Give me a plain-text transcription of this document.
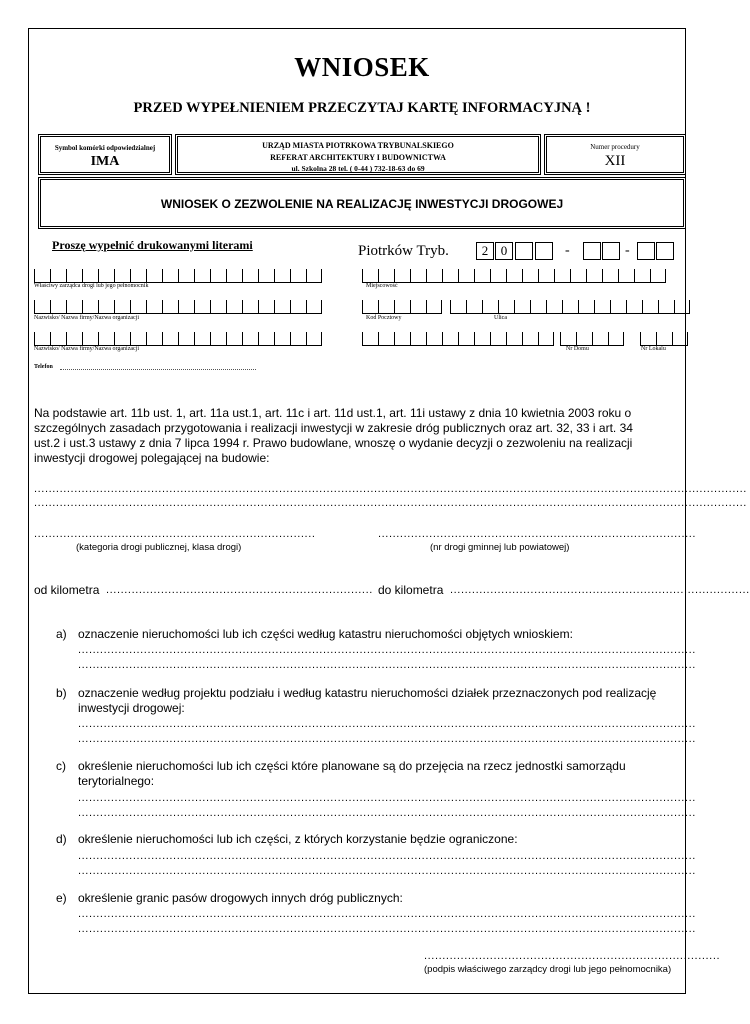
WNIOSEK
PRZED WYPEŁNIENIEM PRZECZYTAJ KARTĘ INFORMACYJNĄ !
Symbol komórki odpowiedzialnej
IMA
URZĄD MIASTA PIOTRKOWA TRYBUNALSKIEGO
REFERAT ARCHITEKTURY I BUDOWNICTWA
ul. Szkolna 28 tel. ( 0-44 ) 732-18-63 do 69
Numer procedury
XII
WNIOSEK O ZEZWOLENIE NA REALIZACJĘ INWESTYCJI DROGOWEJ
Proszę wypełnić drukowanymi literami	Piotrków Tryb.	2 0	-	-
Właściwy zarządca drogi lub jego pełnomocnik	Miejscowość
Nazwisko/ Nazwa firmy/Nazwa organizacji	Kod Pocztowy	Ulica
Nazwisko/ Nazwa firmy/Nazwa organizacji	Nr Domu	Nr Lokalu
Telefon
Na podstawie art. 11b ust. 1, art. 11a ust.1, art. 11c i art. 11d ust.1, art. 11i ustawy z dnia 10 kwietnia 2003 roku o szczególnych zasadach przygotowania i realizacji inwestycji w zakresie dróg publicznych oraz art. 32, 33 i art. 34 ust.2 i ust.3 ustawy z dnia 7 lipca 1994 r. Prawo budowlane, wnoszę o wydanie decyzji o zezwoleniu na realizacji inwestycji drogowej polegającej na budowie:
...................................................................................................................................................................................................
...................................................................................................................................................................................................
.............................................................................	.......................................................................................
(kategoria drogi publicznej, klasa drogi)	(nr drogi gminnej lub powiatowej)
od kilometra ......................................................................... do kilometra ..................................................................................
a) oznaczenie nieruchomości lub ich części według katastru nieruchomości objętych wnioskiem:
.........................................................................................................................................................................
.........................................................................................................................................................................
b) oznaczenie według projektu podziału i według katastru nieruchomości działek przeznaczonych pod realizację inwestycji drogowej:
.........................................................................................................................................................................
.........................................................................................................................................................................
c) określenie nieruchomości lub ich części które planowane są do przejęcia na rzecz jednostki samorządu terytorialnego:
.........................................................................................................................................................................
.........................................................................................................................................................................
d) określenie nieruchomości lub ich części, z których korzystanie będzie ograniczone:
.........................................................................................................................................................................
.........................................................................................................................................................................
e) określenie granic pasów drogowych innych dróg publicznych:
.........................................................................................................................................................................
.........................................................................................................................................................................
.................................................................................
(podpis właściwego zarządcy drogi lub jego pełnomocnika)
